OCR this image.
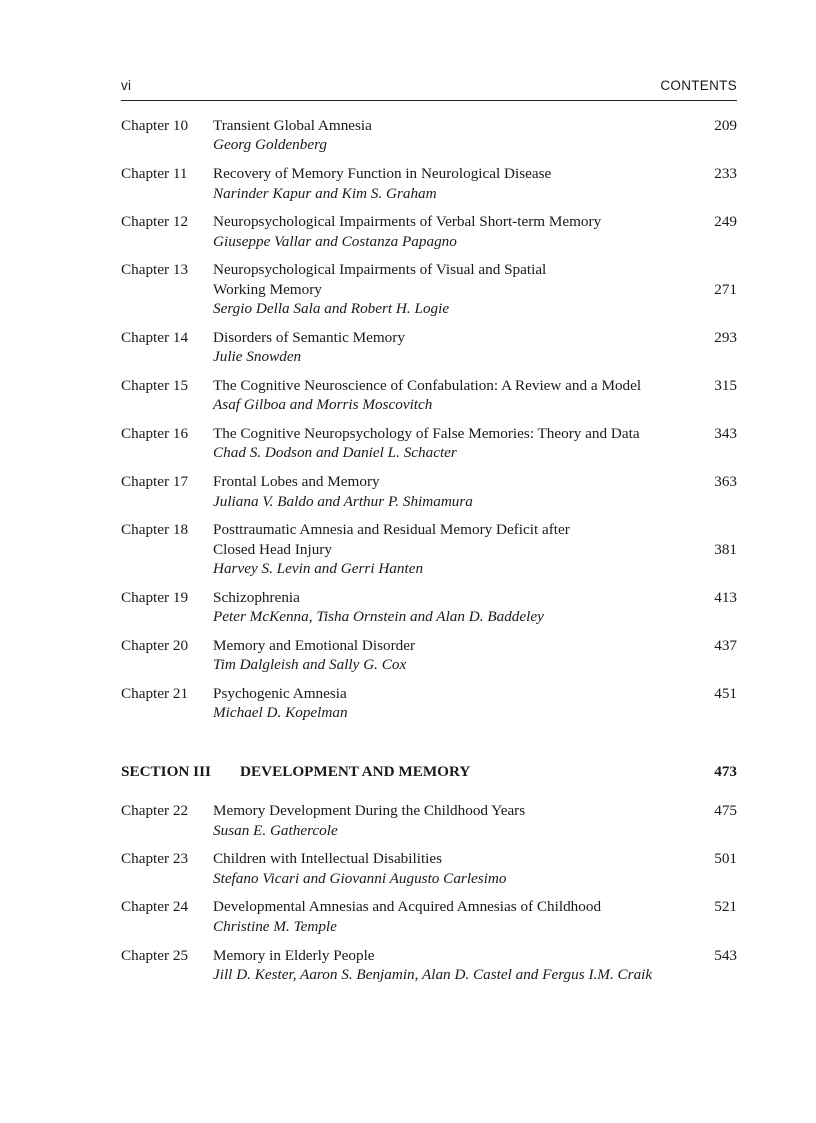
vi	CONTENTS
Chapter 10 Transient Global Amnesia
Georg Goldenberg
209
Chapter 11 Recovery of Memory Function in Neurological Disease
Narinder Kapur and Kim S. Graham
233
Chapter 12 Neuropsychological Impairments of Verbal Short-term Memory
Giuseppe Vallar and Costanza Papagno
249
Chapter 13 Neuropsychological Impairments of Visual and Spatial
Working Memory
Sergio Della Sala and Robert H. Logie
271
Chapter 14 Disorders of Semantic Memory
Julie Snowden
293
Chapter 15 The Cognitive Neuroscience of Confabulation: A Review and a Model
Asaf Gilboa and Morris Moscovitch
315
Chapter 16 The Cognitive Neuropsychology of False Memories: Theory and Data
Chad S. Dodson and Daniel L. Schacter
343
Chapter 17 Frontal Lobes and Memory
Juliana V. Baldo and Arthur P. Shimamura
363
Chapter 18 Posttraumatic Amnesia and Residual Memory Deficit after
Closed Head Injury
Harvey S. Levin and Gerri Hanten
381
Chapter 19 Schizophrenia
Peter McKenna, Tisha Ornstein and Alan D. Baddeley
413
Chapter 20 Memory and Emotional Disorder
Tim Dalgleish and Sally G. Cox
437
Chapter 21 Psychogenic Amnesia
Michael D. Kopelman
451
SECTION III DEVELOPMENT AND MEMORY	473
Chapter 22 Memory Development During the Childhood Years
Susan E. Gathercole
475
Chapter 23 Children with Intellectual Disabilities
Stefano Vicari and Giovanni Augusto Carlesimo
501
Chapter 24 Developmental Amnesias and Acquired Amnesias of Childhood
Christine M. Temple
521
Chapter 25 Memory in Elderly People
Jill D. Kester, Aaron S. Benjamin, Alan D. Castel and Fergus I.M. Craik
543
